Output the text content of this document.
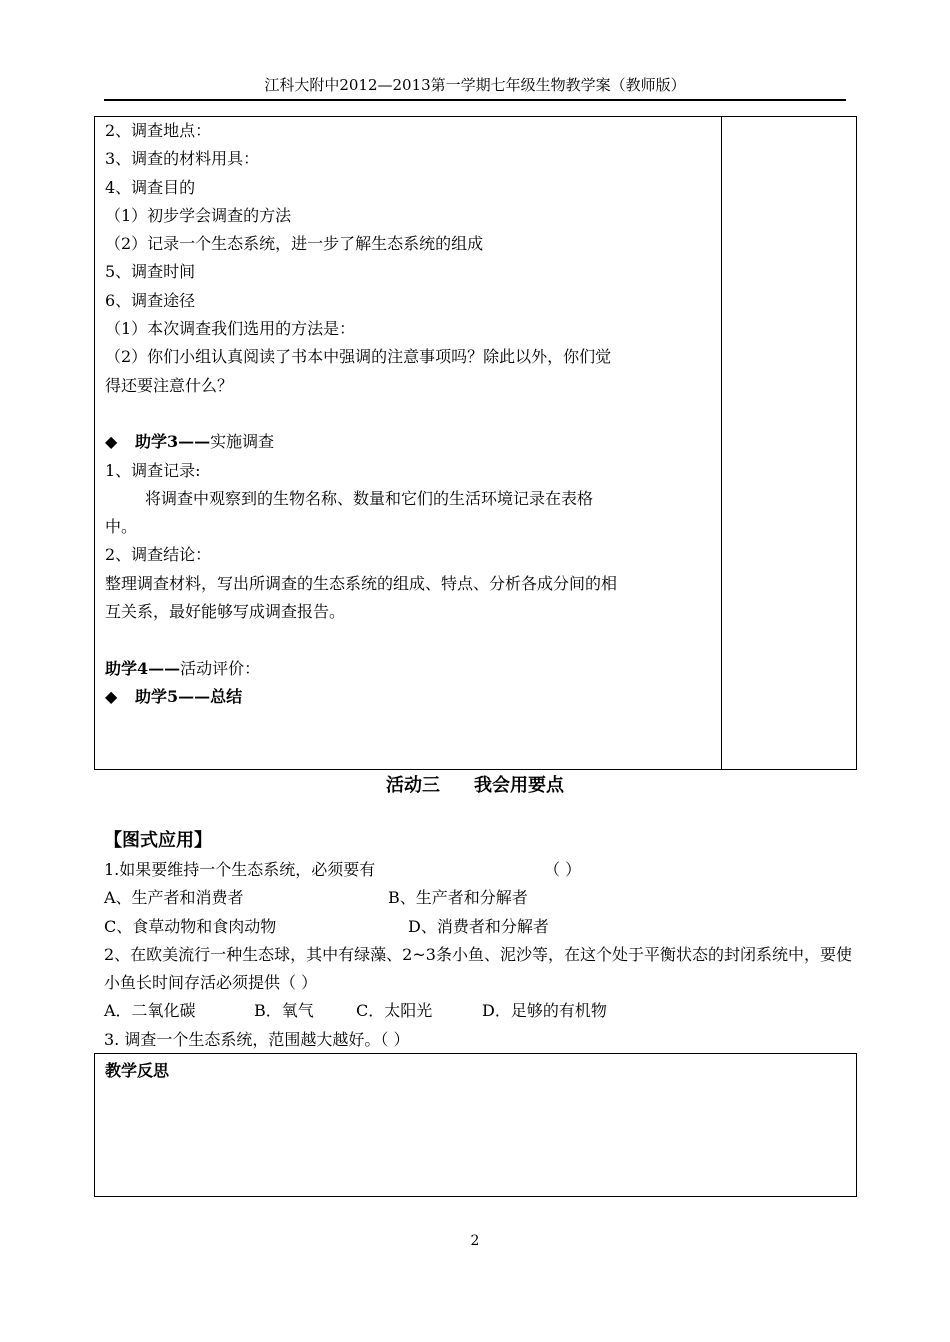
江科大附中2012—2013第一学期七年级生物教学案（教师版）
2、调查地点：
3、调查的材料用具：
4、调查目的
（1）初步学会调查的方法
（2）记录一个生态系统，进一步了解生态系统的组成
5、调查时间
6、调查途径
（1）本次调查我们选用的方法是：
（2）你们小组认真阅读了书本中强调的注意事项吗？除此以外，你们觉得还要注意什么？
◆ 助学3——实施调查
1、调查记录:
将调查中观察到的生物名称、数量和它们的生活环境记录在表格中。
2、调查结论：
整理调查材料，写出所调查的生态系统的组成、特点、分析各成分间的相互关系，最好能够写成调查报告。
助学4——活动评价：
◆ 助学5——总结
活动三 我会用要点
【图式应用】
1.如果要维持一个生态系统，必须要有	（ ）
A、生产者和消费者	B、生产者和分解者
C、食草动物和食肉动物	D、消费者和分解者
2、在欧美流行一种生态球，其中有绿藻、2~3条小鱼、泥沙等，在这个处于平衡状态的封闭系统中，要使小鱼长时间存活必须提供（ ）
A．二氧化碳	B．氧气	C．太阳光	D．足够的有机物
3. 调查一个生态系统，范围越大越好。（ ）
教学反思
2
